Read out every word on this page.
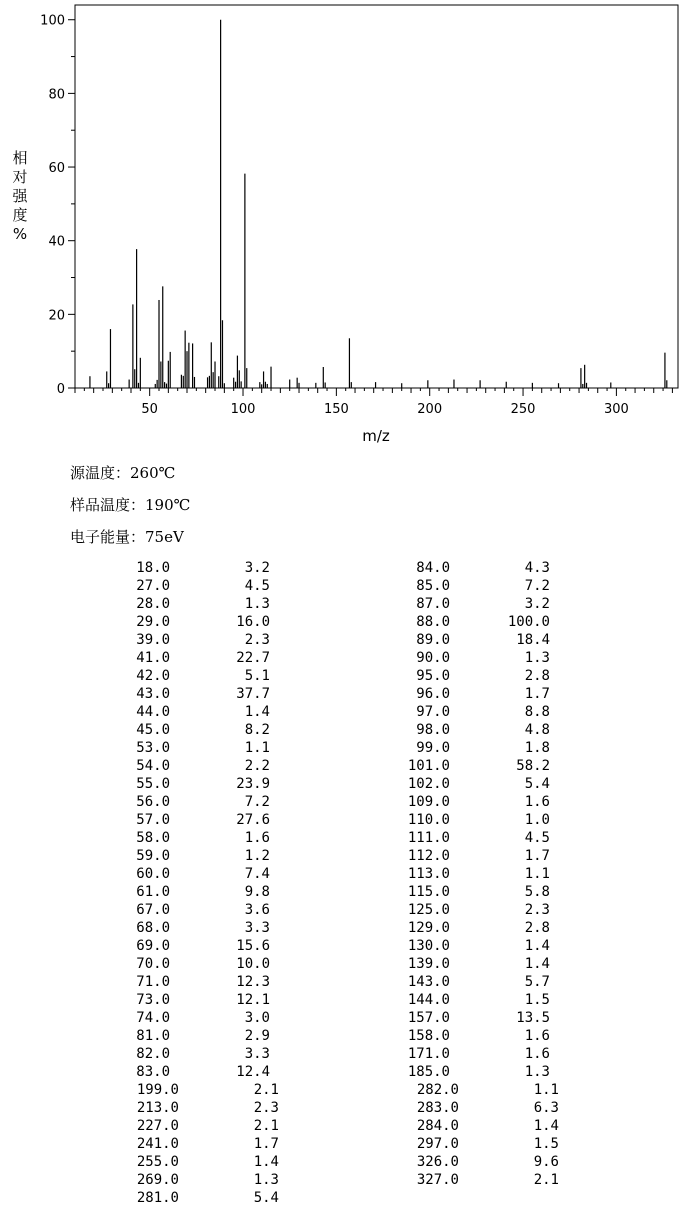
50	100	150	200	250	300
0
20
40
60
80
100
m/z
相
对
强
度
%
源温度：260℃
样品温度：190℃
电子能量：75eV
18.0	3.2
27.0	4.5
28.0	1.3
29.0	16.0
39.0	2.3
41.0	22.7
42.0	5.1
43.0	37.7
44.0	1.4
45.0	8.2
53.0	1.1
54.0	2.2
55.0	23.9
56.0	7.2
57.0	27.6
58.0	1.6
59.0	1.2
60.0	7.4
61.0	9.8
67.0	3.6
68.0	3.3
69.0	15.6
70.0	10.0
71.0	12.3
73.0	12.1
74.0	3.0
81.0	2.9
82.0	3.3
83.0	12.4
199.0	2.1
213.0	2.3
227.0	2.1
241.0	1.7
255.0	1.4
269.0	1.3
281.0	5.4
84.0	4.3
85.0	7.2
87.0	3.2
88.0	100.0
89.0	18.4
90.0	1.3
95.0	2.8
96.0	1.7
97.0	8.8
98.0	4.8
99.0	1.8
101.0	58.2
102.0	5.4
109.0	1.6
110.0	1.0
111.0	4.5
112.0	1.7
113.0	1.1
115.0	5.8
125.0	2.3
129.0	2.8
130.0	1.4
139.0	1.4
143.0	5.7
144.0	1.5
157.0	13.5
158.0	1.6
171.0	1.6
185.0	1.3
282.0	1.1
283.0	6.3
284.0	1.4
297.0	1.5
326.0	9.6
327.0	2.1
